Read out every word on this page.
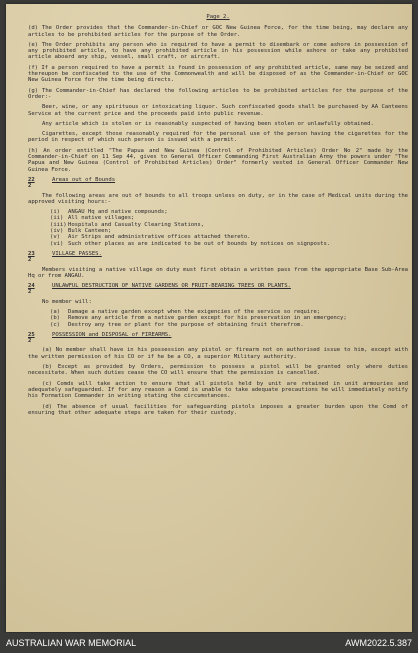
Page 2.

(d) The Order provides that the Commander-in-Chief or GOC New Guinea Force, for the time being, may declare any articles to be prohibited articles for the purpose of the Order.

(e) The Order prohibits any person who is required to have a permit to disembark or come ashore in possession of any prohibited article, to have any prohibited article in his possession while ashore or take any prohibited article aboard any ship, vessel, small craft, or aircraft.

(f) If a person required to have a permit is found in possession of any prohibited article, same may be seized and thereupon be confiscated to the use of the Commonwealth and will be disposed of as the Commander-in-Chief or GOC New Guinea Force for the time being directs.

(g) The Commander-in-Chief has declared the following articles to be prohibited articles for the purpose of the Order:-

Beer, wine, or any spirituous or intoxicating liquor. Such confiscated goods shall be purchased by AA Canteens Service at the current price and the proceeds paid into public revenue.

Any article which is stolen or is reasonably suspected of having been stolen or unlawfully obtained.

Cigarettes, except those reasonably required for the personal use of the person having the cigarettes for the period in respect of which such person is issued with a permit.

(h) An order entitled "The Papua and New Guinea (Control of Prohibited Articles) Order No 2" made by the Commander-in-Chief on 11 Sep 44, gives to General Officer Commanding First Australian Army the powers under "The Papua and New Guinea (Control of Prohibited Articles) Order" formerly vested in General Officer Commander New Guinea Force.

22
2
Areas out of Bounds

The following areas are out of bounds to all troops unless on duty, or in the case of Medical units during the approved visiting hours:-

(i)	ANGAU Hq and native compounds;
(ii) All native villages;
(iii) Hospitals and Casualty Clearing Stations,
(iv) Bulk Canteen;
(v)	Air Strips and administrative offices attached thereto.
(vi) Such other places as are indicated to be out of bounds by notices on signposts.
23
2
VILLAGE PASSES.

Members visiting a native village on duty must first obtain a written pass from the appropriate Base Sub-Area Hq or from ANGAU.

24
2
UNLAWFUL DESTRUCTION OF NATIVE GARDENS OR FRUIT-BEARING TREES OR PLANTS.

No member will:

(a)	Damage a native garden except when the exigencies of the service so require;
(b)	Remove any article from a native garden except for his preservation in an emergency;
(c)	Destroy any tree or plant for the purpose of obtaining fruit therefrom.
25
2
POSSESSION and DISPOSAL of FIREARMS.

(a) No member shall have in his possession any pistol or firearm not on authorised issue to him, except with the written permission of his CO or if he be a CO, a superior Military authority.

(b) Except as provided by Orders, permission to possess a pistol will be granted only where duties necessitate. When such duties cease the CO will ensure that the permission is cancelled.

(c) Comds will take action to ensure that all pistols held by unit are retained in unit armouries and adequately safeguarded. If for any reason a Comd is unable to take adequate precautions he will immediately notify his Formation Commander in writing stating the circumstances.

(d) The absence of usual facilities for safeguarding pistols imposes a greater burden upon the Comd of ensuring that other adequate steps are taken for their custody.

AUSTRALIAN WAR MEMORIAL	AWM2022.5.387
